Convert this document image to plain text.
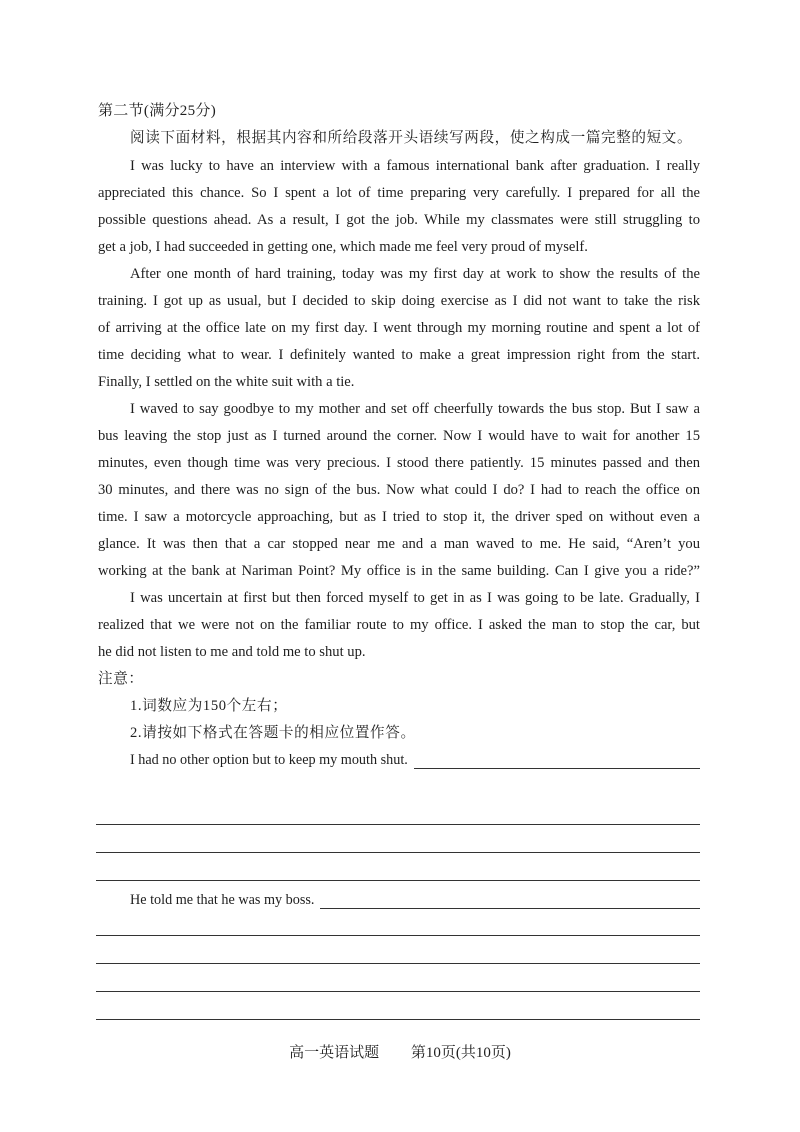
第二节(满分25分)
阅读下面材料，根据其内容和所给段落开头语续写两段，使之构成一篇完整的短文。
I was lucky to have an interview with a famous international bank after graduation. I really
appreciated this chance. So I spent a lot of time preparing very carefully. I prepared for all the
possible questions ahead. As a result, I got the job. While my classmates were still struggling to
get a job, I had succeeded in getting one, which made me feel very proud of myself.
After one month of hard training, today was my first day at work to show the results of the
training. I got up as usual, but I decided to skip doing exercise as I did not want to take the risk
of arriving at the office late on my first day. I went through my morning routine and spent a lot of
time deciding what to wear. I definitely wanted to make a great impression right from the start.
Finally, I settled on the white suit with a tie.
I waved to say goodbye to my mother and set off cheerfully towards the bus stop. But I saw a
bus leaving the stop just as I turned around the corner. Now I would have to wait for another 15
minutes, even though time was very precious. I stood there patiently. 15 minutes passed and then
30 minutes, and there was no sign of the bus. Now what could I do? I had to reach the office on
time. I saw a motorcycle approaching, but as I tried to stop it, the driver sped on without even a
glance. It was then that a car stopped near me and a man waved to me. He said, “Aren’t you
working at the bank at Nariman Point? My office is in the same building. Can I give you a ride?”
I was uncertain at first but then forced myself to get in as I was going to be late. Gradually, I
realized that we were not on the familiar route to my office. I asked the man to stop the car, but
he did not listen to me and told me to shut up.
注意：
1.词数应为150个左右；
2.请按如下格式在答题卡的相应位置作答。
I had no other option but to keep my mouth shut.
He told me that he was my boss.
高一英语试题 第10页(共10页)
